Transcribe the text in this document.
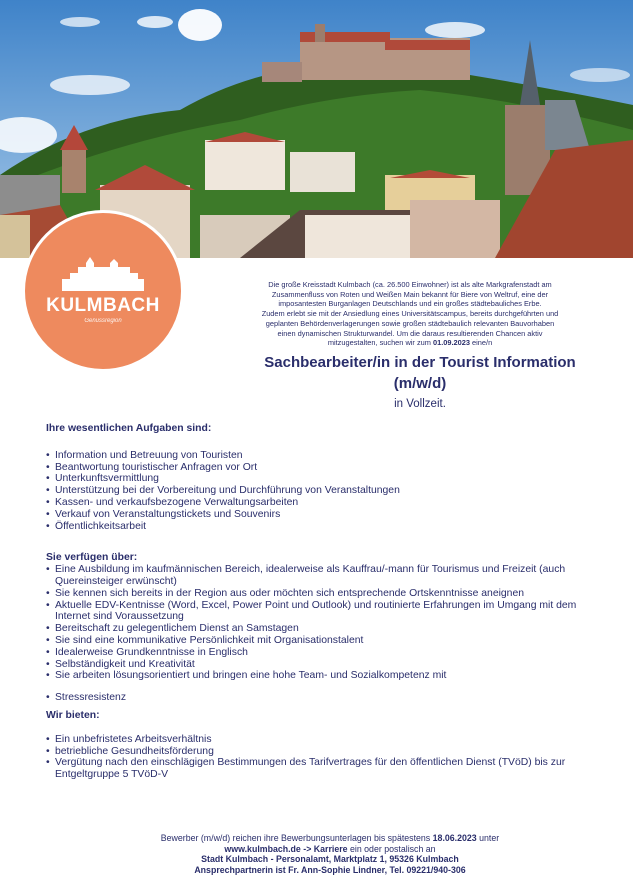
KULMBACH
Genussregion
Die große Kreisstadt Kulmbach (ca. 26.500 Einwohner) ist als alte Markgrafenstadt am
Zusammenfluss von Roten und Weißen Main bekannt für Biere von Weltruf, eine der
imposantesten Burganlagen Deutschlands und ein großes städtebauliches Erbe.
Zudem erlebt sie mit der Ansiedlung eines Universitätscampus, bereits durchgeführten und
geplanten Behördenverlagerungen sowie großen städtebaulich relevanten Bauvorhaben
einen dynamischen Strukturwandel. Um die daraus resultierenden Chancen aktiv
mitzugestalten, suchen wir zum 01.09.2023 eine/n
Sachbearbeiter/in in der Tourist Information
(m/w/d)
in Vollzeit.
Ihre wesentlichen Aufgaben sind:
• Information und Betreuung von Touristen
• Beantwortung touristischer Anfragen vor Ort
• Unterkunftsvermittlung
• Unterstützung bei der Vorbereitung und Durchführung von Veranstaltungen
• Kassen- und verkaufsbezogene Verwaltungsarbeiten
• Verkauf von Veranstaltungstickets und Souvenirs
• Öffentlichkeitsarbeit
Sie verfügen über:
• Eine Ausbildung im kaufmännischen Bereich, idealerweise als Kauffrau/-mann für Tourismus und Freizeit (auch Quereinsteiger erwünscht)
• Sie kennen sich bereits in der Region aus oder möchten sich entsprechende Ortskenntnisse aneignen
• Aktuelle EDV-Kentnisse (Word, Excel, Power Point und Outlook) und routinierte Erfahrungen im Umgang mit dem Internet sind Voraussetzung
• Bereitschaft zu gelegentlichem Dienst an Samstagen
• Sie sind eine kommunikative Persönlichkeit mit Organisationstalent
• Idealerweise Grundkenntnisse in Englisch
• Selbständigkeit und Kreativität
• Sie arbeiten lösungsorientiert und bringen eine hohe Team- und Sozialkompetenz mit
• Stressresistenz
Wir bieten:
• Ein unbefristetes Arbeitsverhältnis
• betriebliche Gesundheitsförderung
• Vergütung nach den einschlägigen Bestimmungen des Tarifvertrages für den öffentlichen Dienst (TVöD) bis zur Entgeltgruppe 5 TVöD-V
Bewerber (m/w/d) reichen ihre Bewerbungsunterlagen bis spätestens 18.06.2023 unter
www.kulmbach.de -> Karriere ein oder postalisch an
Stadt Kulmbach - Personalamt, Marktplatz 1, 95326 Kulmbach
Ansprechpartnerin ist Fr. Ann-Sophie Lindner, Tel. 09221/940-306
